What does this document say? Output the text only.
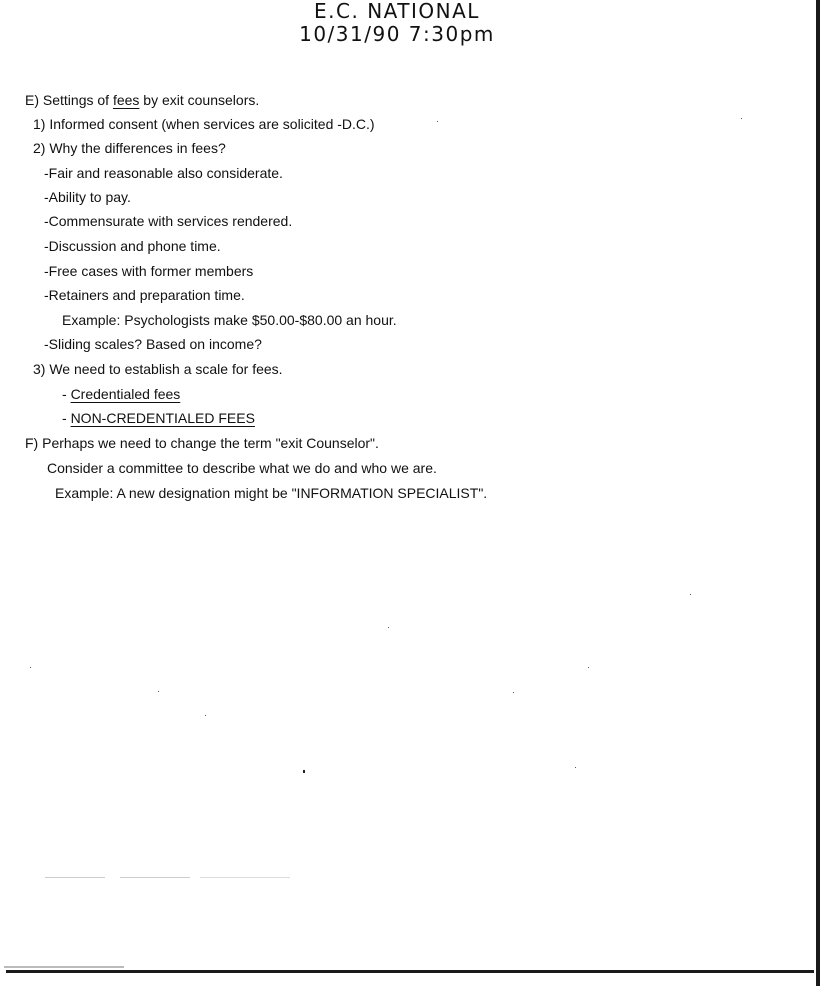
E.C. NATIONAL
10/31/90 7:30pm
E) Settings of fees by exit counselors.
1) Informed consent (when services are solicited -D.C.)
2) Why the differences in fees?
-Fair and reasonable also considerate.
-Ability to pay.
-Commensurate with services rendered.
-Discussion and phone time.
-Free cases with former members
-Retainers and preparation time.
Example: Psychologists make $50.00-$80.00 an hour.
-Sliding scales? Based on income?
3) We need to establish a scale for fees.
- Credentialed fees
- NON-CREDENTIALED FEES
F) Perhaps we need to change the term "exit Counselor".
Consider a committee to describe what we do and who we are.
Example: A new designation might be "INFORMATION SPECIALIST".
